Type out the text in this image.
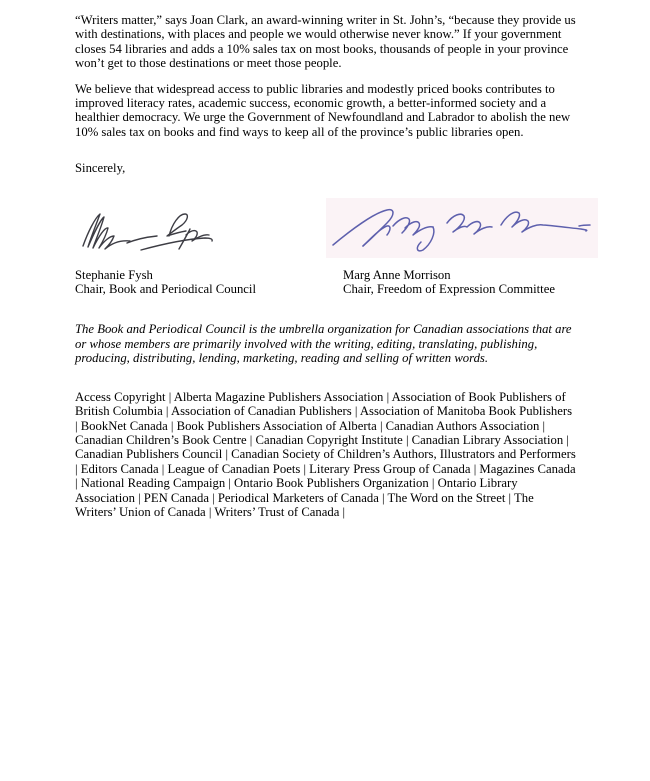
“Writers matter,” says Joan Clark, an award-winning writer in St. John’s, “because they provide us with destinations, with places and people we would otherwise never know.” If your government closes 54 libraries and adds a 10% sales tax on most books, thousands of people in your province won’t get to those destinations or meet those people.

We believe that widespread access to public libraries and modestly priced books contributes to improved literacy rates, academic success, economic growth, a better-informed society and a healthier democracy. We urge the Government of Newfoundland and Labrador to abolish the new 10% sales tax on books and find ways to keep all of the province’s public libraries open.

Sincerely,

Stephanie Fysh
Chair, Book and Periodical Council
Marg Anne Morrison
Chair, Freedom of Expression Committee

The Book and Periodical Council is the umbrella organization for Canadian associations that are or whose members are primarily involved with the writing, editing, translating, publishing, producing, distributing, lending, marketing, reading and selling of written words.

Access Copyright | Alberta Magazine Publishers Association | Association of Book Publishers of British Columbia | Association of Canadian Publishers | Association of Manitoba Book Publishers | BookNet Canada | Book Publishers Association of Alberta | Canadian Authors Association | Canadian Children’s Book Centre | Canadian Copyright Institute | Canadian Library Association | Canadian Publishers Council | Canadian Society of Children’s Authors, Illustrators and Performers | Editors Canada | League of Canadian Poets | Literary Press Group of Canada | Magazines Canada | National Reading Campaign | Ontario Book Publishers Organization | Ontario Library Association | PEN Canada | Periodical Marketers of Canada | The Word on the Street | The Writers’ Union of Canada | Writers’ Trust of Canada |
